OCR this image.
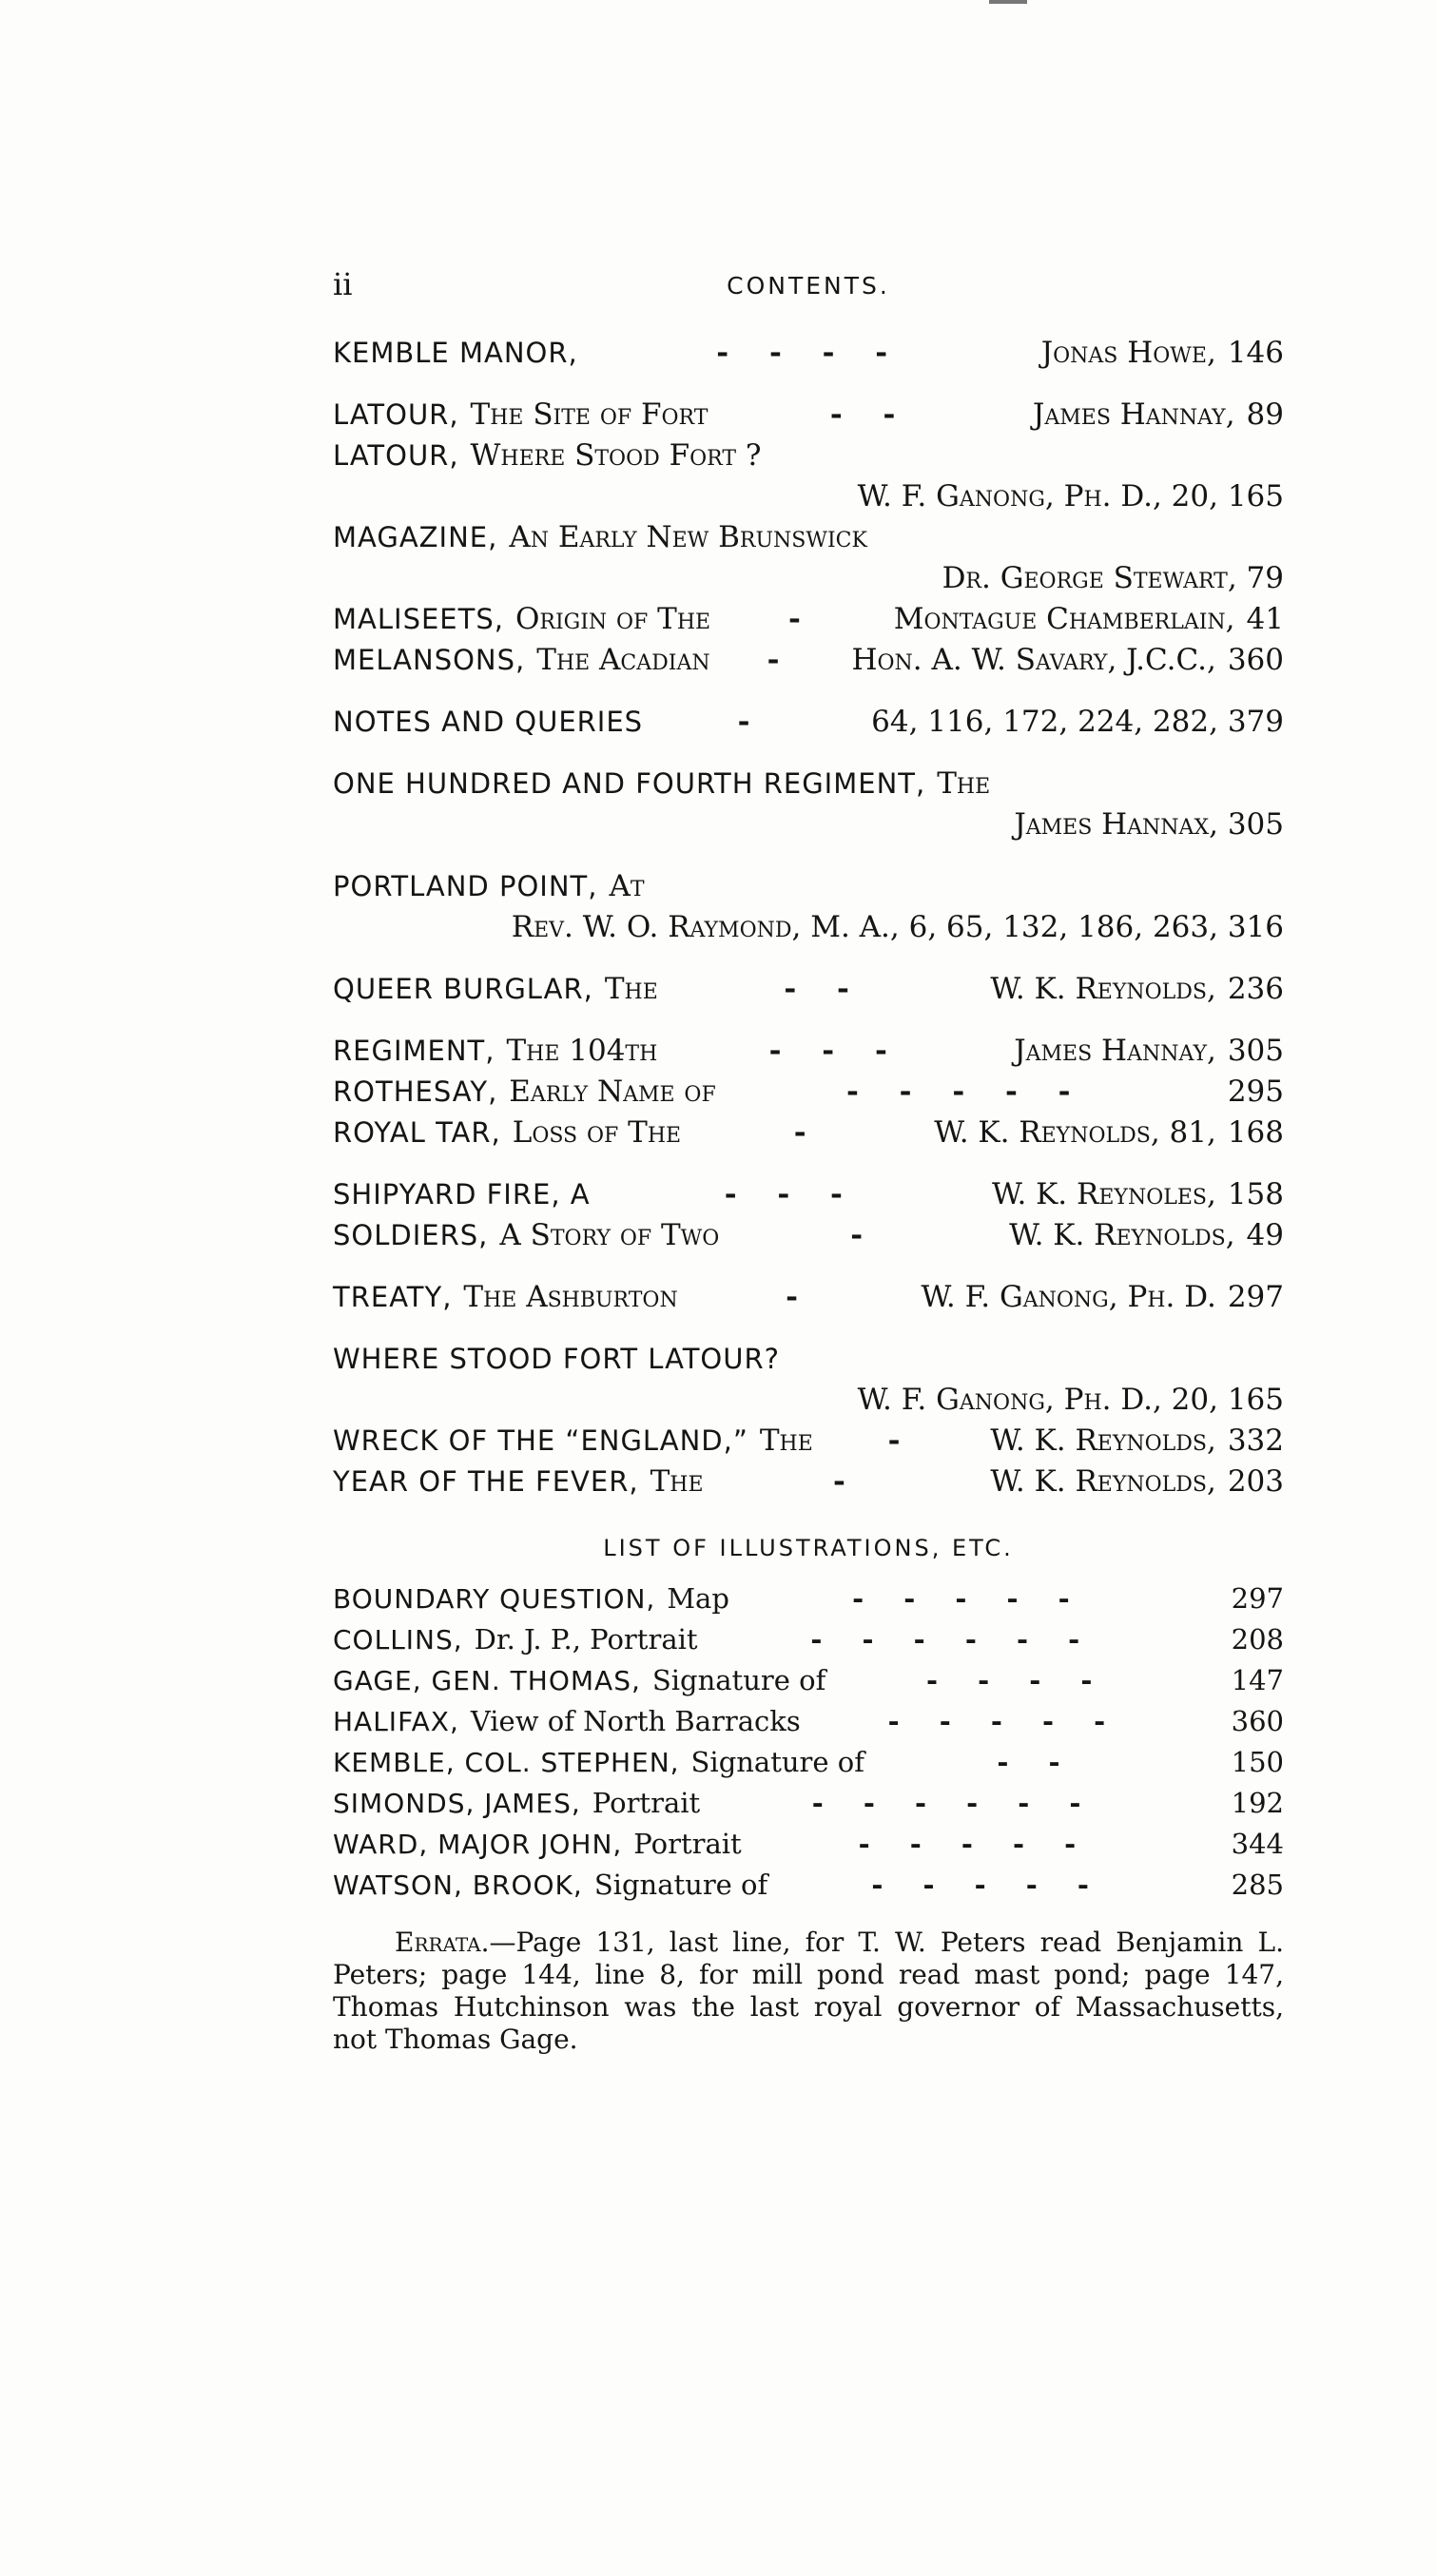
ii	CONTENTS.
KEMBLE MANOR,	- - - -	Jonas Howe, 146
LATOUR, The Site of Fort	- -	James Hannay, 89
LATOUR, Where Stood Fort ?
W. F. Ganong, Ph. D., 20, 165
MAGAZINE, An Early New Brunswick
Dr. George Stewart, 79
MALISEETS, Origin of The	-	Montague Chamberlain, 41
MELANSONS, The Acadian	-	Hon. A. W. Savary, J.C.C., 360
NOTES AND QUERIES	-	64, 116, 172, 224, 282, 379
ONE HUNDRED AND FOURTH REGIMENT, The
James Hannax, 305
PORTLAND POINT, At
Rev. W. O. Raymond, M. A., 6, 65, 132, 186, 263, 316
QUEER BURGLAR, The	- -	W. K. Reynolds, 236
REGIMENT, The 104th	- - -	James Hannay, 305
ROTHESAY, Early Name of	- - - - -	295
ROYAL TAR, Loss of The	-	W. K. Reynolds, 81, 168
SHIPYARD FIRE, A	- - -	W. K. Reynoles, 158
SOLDIERS, A Story of Two	-	W. K. Reynolds, 49
TREATY, The Ashburton	-	W. F. Ganong, Ph. D. 297
WHERE STOOD FORT LATOUR?
W. F. Ganong, Ph. D., 20, 165
WRECK OF THE “ENGLAND,” The	-	W. K. Reynolds, 332
YEAR OF THE FEVER, The	-	W. K. Reynolds, 203
LIST OF ILLUSTRATIONS, ETC.
BOUNDARY QUESTION, Map	- - - - -	297
COLLINS, Dr. J. P., Portrait	- - - - - -	208
GAGE, GEN. THOMAS, Signature of	- - - -	147
HALIFAX, View of North Barracks	- - - - -	360
KEMBLE, COL. STEPHEN, Signature of	- -	150
SIMONDS, JAMES, Portrait	- - - - - -	192
WARD, MAJOR JOHN, Portrait	- - - - -	344
WATSON, BROOK, Signature of	- - - - -	285
Errata.—Page 131, last line, for T. W. Peters read Benjamin L. Peters; page 144, line 8, for mill pond read mast pond; page 147, Thomas Hutchinson was the last royal governor of Massachusetts, not Thomas Gage.
